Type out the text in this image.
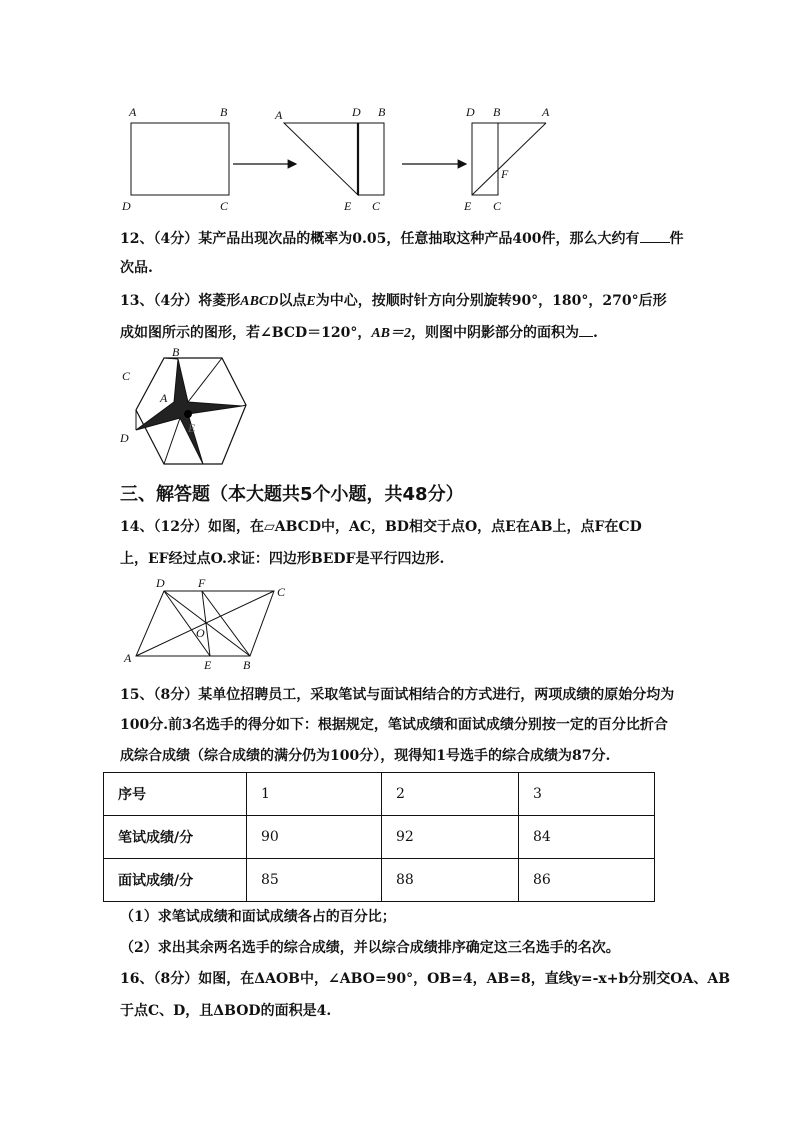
A	B
D	C
A	D B
E C
D B	A
F
E C
12、（4分）某产品出现次品的概率为0.05，任意抽取这种产品400件，那么大约有 件
次品.
13、（4分）将菱形ABCD以点E为中心，按顺时针方向分别旋转90°，180°，270°后形
成如图所示的图形，若∠BCD＝120°，AB＝2，则图中阴影部分的面积为 .
B
C
A
D
E
三、解答题（本大题共5个小题，共48分）
14、（12分）如图，在▱ABCD中，AC，BD相交于点O，点E在AB上，点F在CD
上，EF经过点O.求证：四边形BEDF是平行四边形.
D	F
C
O
A	E	B
15、（8分）某单位招聘员工，采取笔试与面试相结合的方式进行，两项成绩的原始分均为
100分.前3名选手的得分如下：根据规定，笔试成绩和面试成绩分别按一定的百分比折合
成综合成绩（综合成绩的满分仍为100分），现得知1号选手的综合成绩为87分.
序号	1	2	3
笔试成绩/分	90	92	84
面试成绩/分	85	88	86
（1）求笔试成绩和面试成绩各占的百分比；
（2）求出其余两名选手的综合成绩，并以综合成绩排序确定这三名选手的名次。
16、（8分）如图，在ΔAOB中，∠ABO=90°，OB=4，AB=8，直线y=-x+b分别交OA、AB
于点C、D，且ΔBOD的面积是4.
